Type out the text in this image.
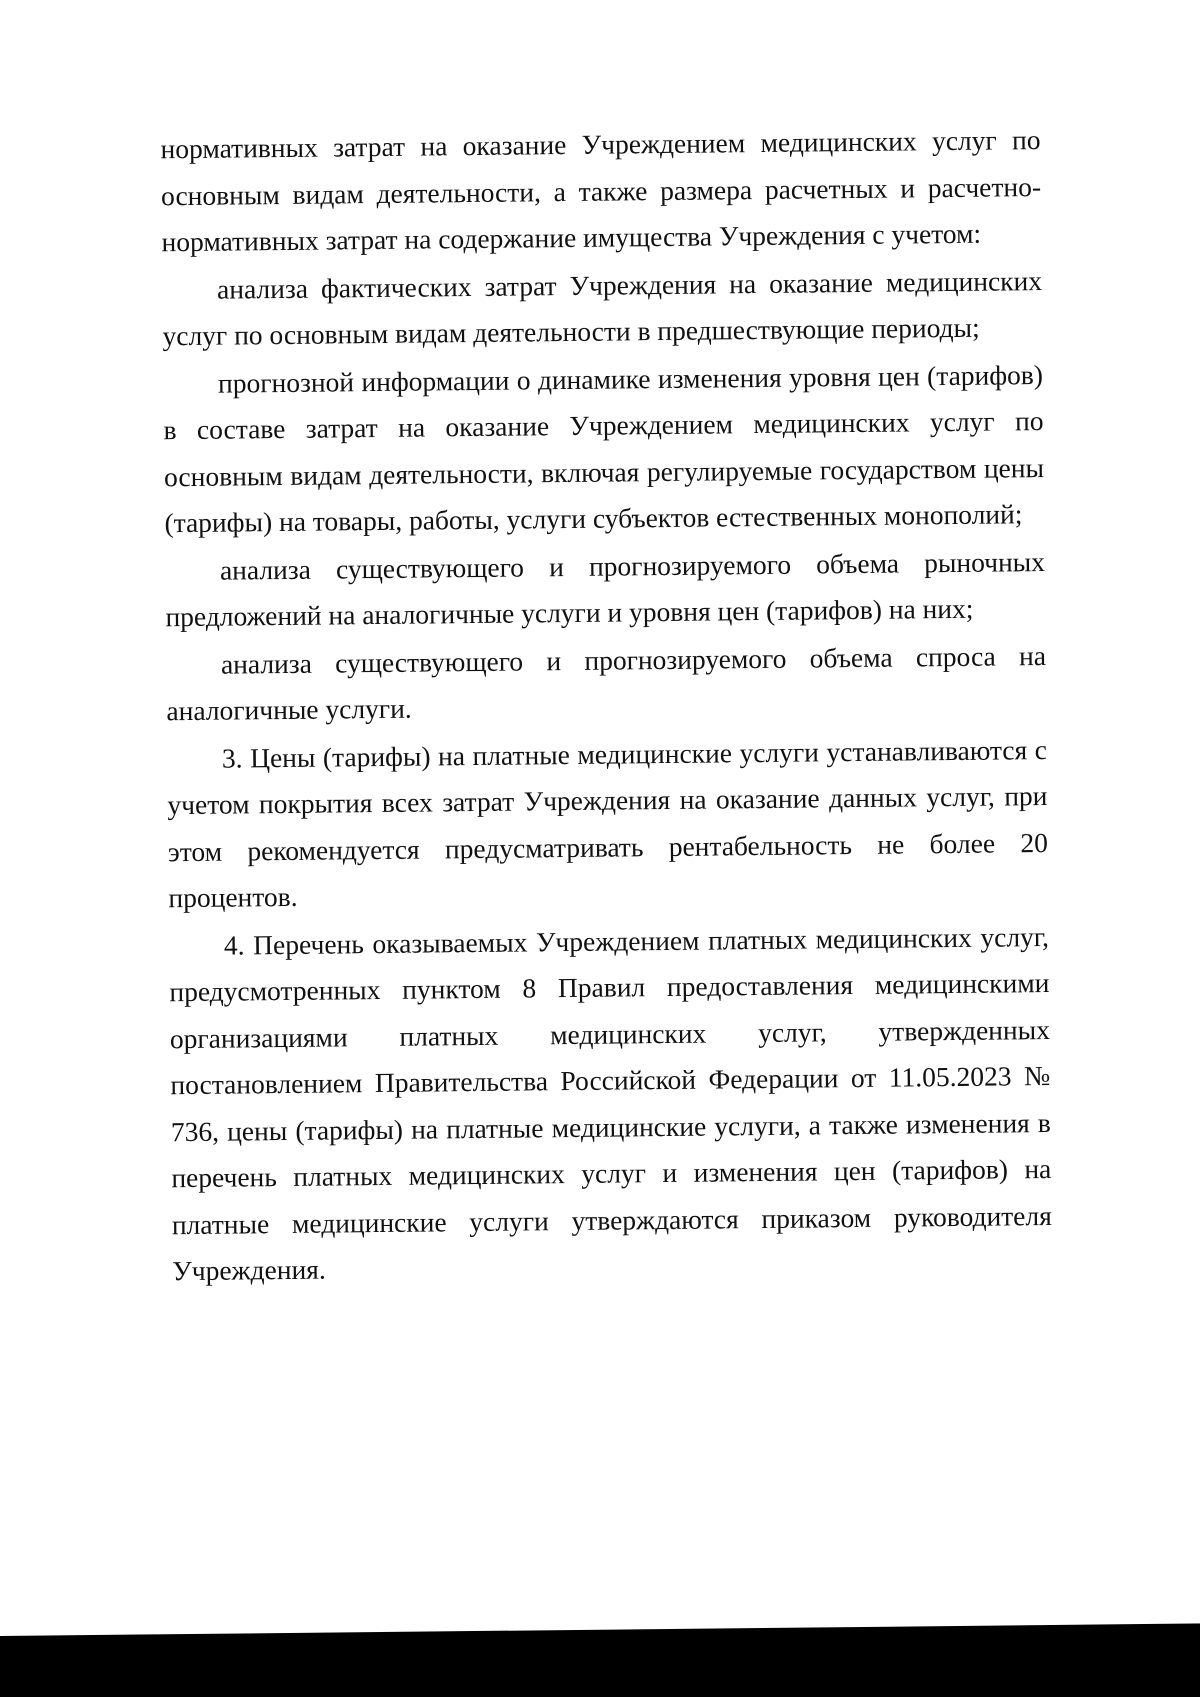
нормативных затрат на оказание Учреждением медицинских услуг по основным видам деятельности, а также размера расчетных и расчетно-нормативных затрат на содержание имущества Учреждения с учетом:

анализа фактических затрат Учреждения на оказание медицинских услуг по основным видам деятельности в предшествующие периоды;

прогнозной информации о динамике изменения уровня цен (тарифов) в составе затрат на оказание Учреждением медицинских услуг по основным видам деятельности, включая регулируемые государством цены (тарифы) на товары, работы, услуги субъектов естественных монополий;

анализа существующего и прогнозируемого объема рыночных предложений на аналогичные услуги и уровня цен (тарифов) на них;

анализа существующего и прогнозируемого объема спроса на аналогичные услуги.

3. Цены (тарифы) на платные медицинские услуги устанавливаются с учетом покрытия всех затрат Учреждения на оказание данных услуг, при этом рекомендуется предусматривать рентабельность не более 20 процентов.

4. Перечень оказываемых Учреждением платных медицинских услуг, предусмотренных пунктом 8 Правил предоставления медицинскими организациями платных медицинских услуг, утвержденных постановлением Правительства Российской Федерации от 11.05.2023 № 736, цены (тарифы) на платные медицинские услуги, а также изменения в перечень платных медицинских услуг и изменения цен (тарифов) на платные медицинские услуги утверждаются приказом руководителя Учреждения.
